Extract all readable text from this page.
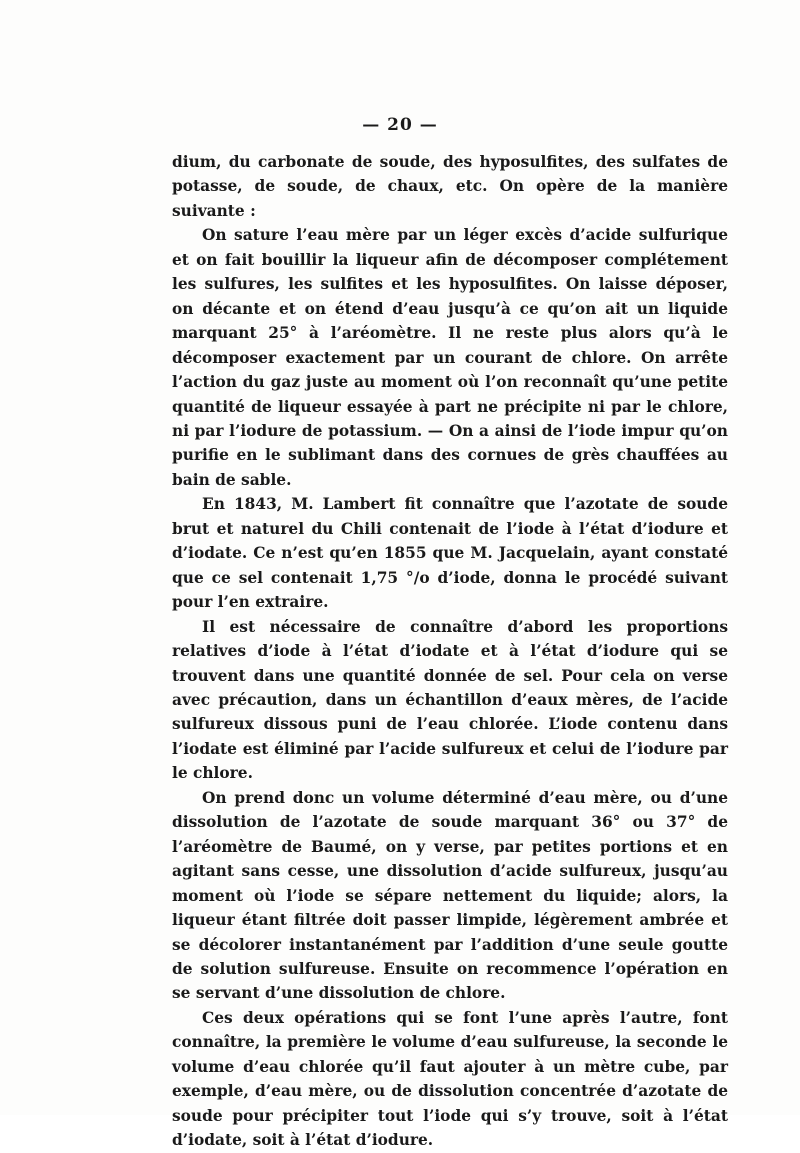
— 20 —

dium, du carbonate de soude, des hyposulfites, des sulfates de potasse, de soude, de chaux, etc. On opère de la manière suivante :

On sature l’eau mère par un léger excès d’acide sulfurique et on fait bouillir la liqueur afin de décomposer complétement les sulfures, les sulfites et les hyposulfites. On laisse déposer, on décante et on étend d’eau jusqu’à ce qu’on ait un liquide marquant 25° à l’aréomètre. Il ne reste plus alors qu’à le décomposer exactement par un courant de chlore. On arrête l’action du gaz juste au moment où l’on reconnaît qu’une petite quantité de liqueur essayée à part ne précipite ni par le chlore, ni par l’iodure de potassium. — On a ainsi de l’iode impur qu’on purifie en le sublimant dans des cornues de grès chauffées au bain de sable.

En 1843, M. Lambert fit connaître que l’azotate de soude brut et naturel du Chili contenait de l’iode à l’état d’iodure et d’iodate. Ce n’est qu’en 1855 que M. Jacquelain, ayant constaté que ce sel contenait 1,75 °/o d’iode, donna le procédé suivant pour l’en extraire.

Il est nécessaire de connaître d’abord les proportions relatives d’iode à l’état d’iodate et à l’état d’iodure qui se trouvent dans une quantité donnée de sel. Pour cela on verse avec précaution, dans un échantillon d’eaux mères, de l’acide sulfureux dissous puni de l’eau chlorée. L’iode contenu dans l’iodate est éliminé par l’acide sulfureux et celui de l’iodure par le chlore.

On prend donc un volume déterminé d’eau mère, ou d’une dissolution de l’azotate de soude marquant 36° ou 37° de l’aréomètre de Baumé, on y verse, par petites portions et en agitant sans cesse, une dissolution d’acide sulfureux, jusqu’au moment où l’iode se sépare nettement du liquide; alors, la liqueur étant filtrée doit passer limpide, légèrement ambrée et se décolorer instantanément par l’addition d’une seule goutte de solution sulfureuse. Ensuite on recommence l’opération en se servant d’une dissolution de chlore.

Ces deux opérations qui se font l’une après l’autre, font connaître, la première le volume d’eau sulfureuse, la seconde le volume d’eau chlorée qu’il faut ajouter à un mètre cube, par exemple, d’eau mère, ou de dissolution concentrée d’azotate de soude pour précipiter tout l’iode qui s’y trouve, soit à l’état d’iodate, soit à l’état d’iodure.
